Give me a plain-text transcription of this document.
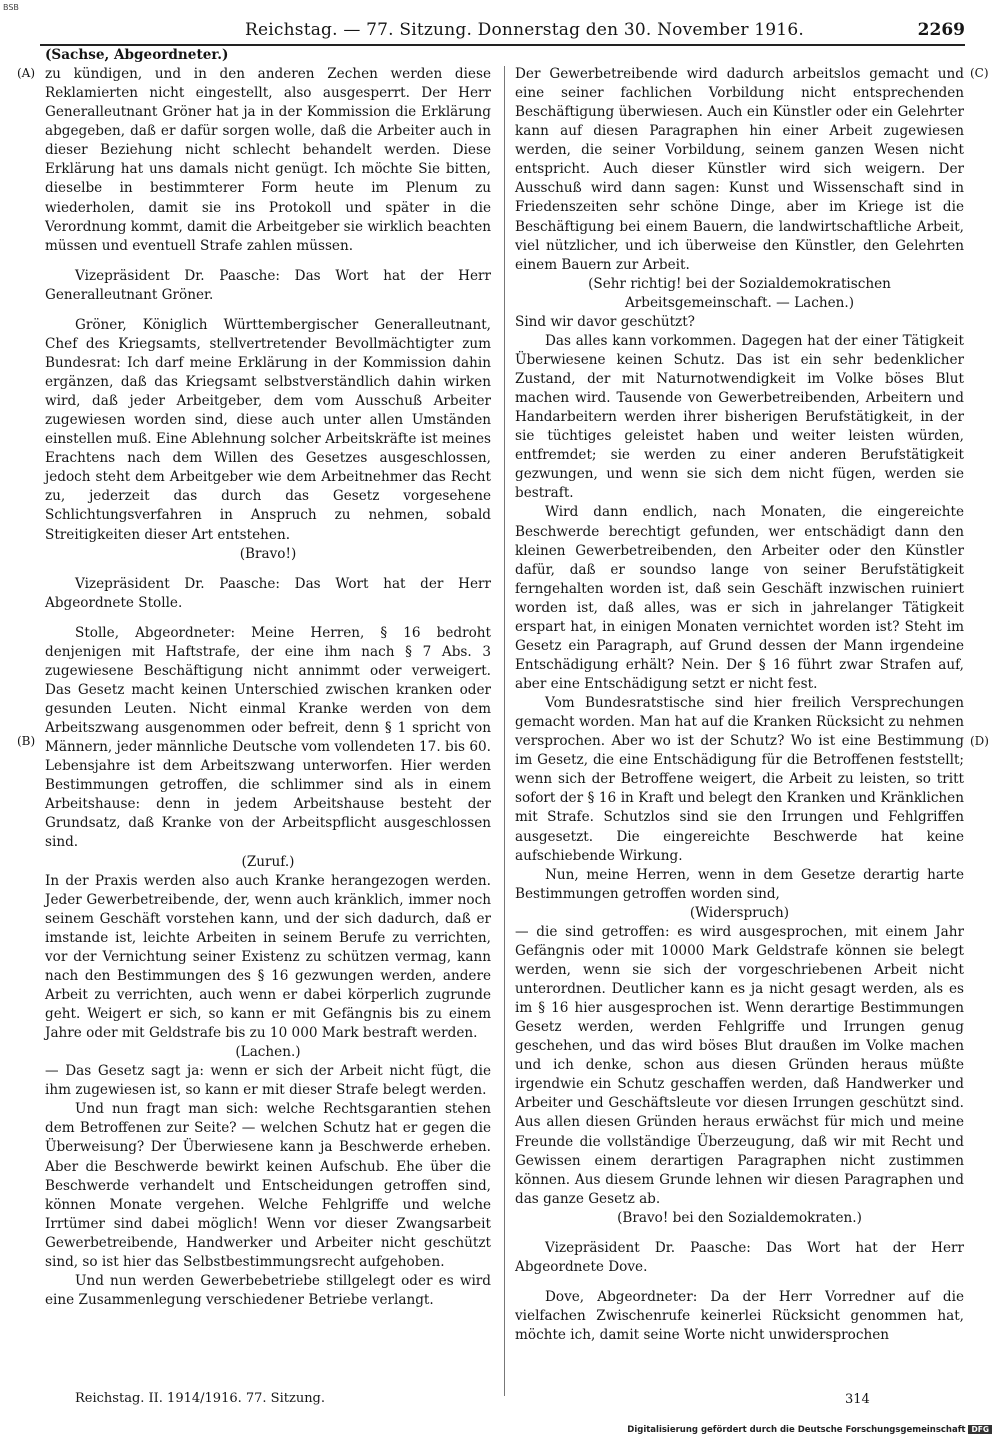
BSB
Reichstag. — 77. Sitzung. Donnerstag den 30. November 1916.	2269
(A)
(B)
(C)
(D)

(Sachse, Abgeordneter.)

zu kündigen, und in den anderen Zechen werden diese Reklamierten nicht eingestellt, also ausgesperrt. Der Herr Generalleutnant Gröner hat ja in der Kommission die Erklärung abgegeben, daß er dafür sorgen wolle, daß die Arbeiter auch in dieser Beziehung nicht schlecht behandelt werden. Diese Erklärung hat uns damals nicht genügt. Ich möchte Sie bitten, dieselbe in bestimmterer Form heute im Plenum zu wiederholen, damit sie ins Protokoll und später in die Verordnung kommt, damit die Arbeitgeber sie wirklich beachten müssen und eventuell Strafe zahlen müssen.

Vizepräsident Dr. Paasche: Das Wort hat der Herr Generalleutnant Gröner.

Gröner, Königlich Württembergischer Generalleutnant, Chef des Kriegsamts, stellvertretender Bevollmächtigter zum Bundesrat: Ich darf meine Erklärung in der Kommission dahin ergänzen, daß das Kriegsamt selbstverständlich dahin wirken wird, daß jeder Arbeitgeber, dem vom Ausschuß Arbeiter zugewiesen worden sind, diese auch unter allen Umständen einstellen muß. Eine Ablehnung solcher Arbeitskräfte ist meines Erachtens nach dem Willen des Gesetzes ausgeschlossen, jedoch steht dem Arbeitgeber wie dem Arbeitnehmer das Recht zu, jederzeit das durch das Gesetz vorgesehene Schlichtungsverfahren in Anspruch zu nehmen, sobald Streitigkeiten dieser Art entstehen.

(Bravo!)

Vizepräsident Dr. Paasche: Das Wort hat der Herr Abgeordnete Stolle.

Stolle, Abgeordneter: Meine Herren, § 16 bedroht denjenigen mit Haftstrafe, der eine ihm nach § 7 Abs. 3 zugewiesene Beschäftigung nicht annimmt oder verweigert. Das Gesetz macht keinen Unterschied zwischen kranken oder gesunden Leuten. Nicht einmal Kranke werden von dem Arbeitszwang ausgenommen oder befreit, denn § 1 spricht von Männern, jeder männliche Deutsche vom vollendeten 17. bis 60. Lebensjahre ist dem Arbeitszwang unterworfen. Hier werden Bestimmungen getroffen, die schlimmer sind als in einem Arbeitshause: denn in jedem Arbeitshause besteht der Grundsatz, daß Kranke von der Arbeitspflicht ausgeschlossen sind.

(Zuruf.)

In der Praxis werden also auch Kranke herangezogen werden. Jeder Gewerbetreibende, der, wenn auch kränklich, immer noch seinem Geschäft vorstehen kann, und der sich dadurch, daß er imstande ist, leichte Arbeiten in seinem Berufe zu verrichten, vor der Vernichtung seiner Existenz zu schützen vermag, kann nach den Bestimmungen des § 16 gezwungen werden, andere Arbeit zu verrichten, auch wenn er dabei körperlich zugrunde geht. Weigert er sich, so kann er mit Gefängnis bis zu einem Jahre oder mit Geldstrafe bis zu 10 000 Mark bestraft werden.

(Lachen.)

— Das Gesetz sagt ja: wenn er sich der Arbeit nicht fügt, die ihm zugewiesen ist, so kann er mit dieser Strafe belegt werden.

Und nun fragt man sich: welche Rechtsgarantien stehen dem Betroffenen zur Seite? — welchen Schutz hat er gegen die Überweisung? Der Überwiesene kann ja Beschwerde erheben. Aber die Beschwerde bewirkt keinen Aufschub. Ehe über die Beschwerde verhandelt und Entscheidungen getroffen sind, können Monate vergehen. Welche Fehlgriffe und welche Irrtümer sind dabei möglich! Wenn vor dieser Zwangsarbeit Gewerbetreibende, Handwerker und Arbeiter nicht geschützt sind, so ist hier das Selbstbestimmungsrecht aufgehoben.

Und nun werden Gewerbebetriebe stillgelegt oder es wird eine Zusammenlegung verschiedener Betriebe verlangt.

Der Gewerbetreibende wird dadurch arbeitslos gemacht und eine seiner fachlichen Vorbildung nicht entsprechenden Beschäftigung überwiesen. Auch ein Künstler oder ein Gelehrter kann auf diesen Paragraphen hin einer Arbeit zugewiesen werden, die seiner Vorbildung, seinem ganzen Wesen nicht entspricht. Auch dieser Künstler wird sich weigern. Der Ausschuß wird dann sagen: Kunst und Wissenschaft sind in Friedenszeiten sehr schöne Dinge, aber im Kriege ist die Beschäftigung bei einem Bauern, die landwirtschaftliche Arbeit, viel nützlicher, und ich überweise den Künstler, den Gelehrten einem Bauern zur Arbeit.

(Sehr richtig! bei der Sozialdemokratischen Arbeitsgemeinschaft. — Lachen.)

Sind wir davor geschützt?

Das alles kann vorkommen. Dagegen hat der einer Tätigkeit Überwiesene keinen Schutz. Das ist ein sehr bedenklicher Zustand, der mit Naturnotwendigkeit im Volke böses Blut machen wird. Tausende von Gewerbetreibenden, Arbeitern und Handarbeitern werden ihrer bisherigen Berufstätigkeit, in der sie tüchtiges geleistet haben und weiter leisten würden, entfremdet; sie werden zu einer anderen Berufstätigkeit gezwungen, und wenn sie sich dem nicht fügen, werden sie bestraft.

Wird dann endlich, nach Monaten, die eingereichte Beschwerde berechtigt gefunden, wer entschädigt dann den kleinen Gewerbetreibenden, den Arbeiter oder den Künstler dafür, daß er soundso lange von seiner Berufstätigkeit ferngehalten worden ist, daß sein Geschäft inzwischen ruiniert worden ist, daß alles, was er sich in jahrelanger Tätigkeit erspart hat, in einigen Monaten vernichtet worden ist? Steht im Gesetz ein Paragraph, auf Grund dessen der Mann irgendeine Entschädigung erhält? Nein. Der § 16 führt zwar Strafen auf, aber eine Entschädigung setzt er nicht fest.

Vom Bundesratstische sind hier freilich Versprechungen gemacht worden. Man hat auf die Kranken Rücksicht zu nehmen versprochen. Aber wo ist der Schutz? Wo ist eine Bestimmung im Gesetz, die eine Entschädigung für die Betroffenen feststellt; wenn sich der Betroffene weigert, die Arbeit zu leisten, so tritt sofort der § 16 in Kraft und belegt den Kranken und Kränklichen mit Strafe. Schutzlos sind sie den Irrungen und Fehlgriffen ausgesetzt. Die eingereichte Beschwerde hat keine aufschiebende Wirkung.

Nun, meine Herren, wenn in dem Gesetze derartig harte Bestimmungen getroffen worden sind,

(Widerspruch)

— die sind getroffen: es wird ausgesprochen, mit einem Jahr Gefängnis oder mit 10000 Mark Geldstrafe können sie belegt werden, wenn sie sich der vorgeschriebenen Arbeit nicht unterordnen. Deutlicher kann es ja nicht gesagt werden, als es im § 16 hier ausgesprochen ist. Wenn derartige Bestimmungen Gesetz werden, werden Fehlgriffe und Irrungen genug geschehen, und das wird böses Blut draußen im Volke machen und ich denke, schon aus diesen Gründen heraus müßte irgendwie ein Schutz geschaffen werden, daß Handwerker und Arbeiter und Geschäftsleute vor diesen Irrungen geschützt sind. Aus allen diesen Gründen heraus erwächst für mich und meine Freunde die vollständige Überzeugung, daß wir mit Recht und Gewissen einem derartigen Paragraphen nicht zustimmen können. Aus diesem Grunde lehnen wir diesen Paragraphen und das ganze Gesetz ab.

(Bravo! bei den Sozialdemokraten.)

Vizepräsident Dr. Paasche: Das Wort hat der Herr Abgeordnete Dove.

Dove, Abgeordneter: Da der Herr Vorredner auf die vielfachen Zwischenrufe keinerlei Rücksicht genommen hat, möchte ich, damit seine Worte nicht unwidersprochen

Reichstag. II. 1914/1916. 77. Sitzung.	314
Digitalisierung gefördert durch die Deutsche Forschungsgemeinschaft DFG
